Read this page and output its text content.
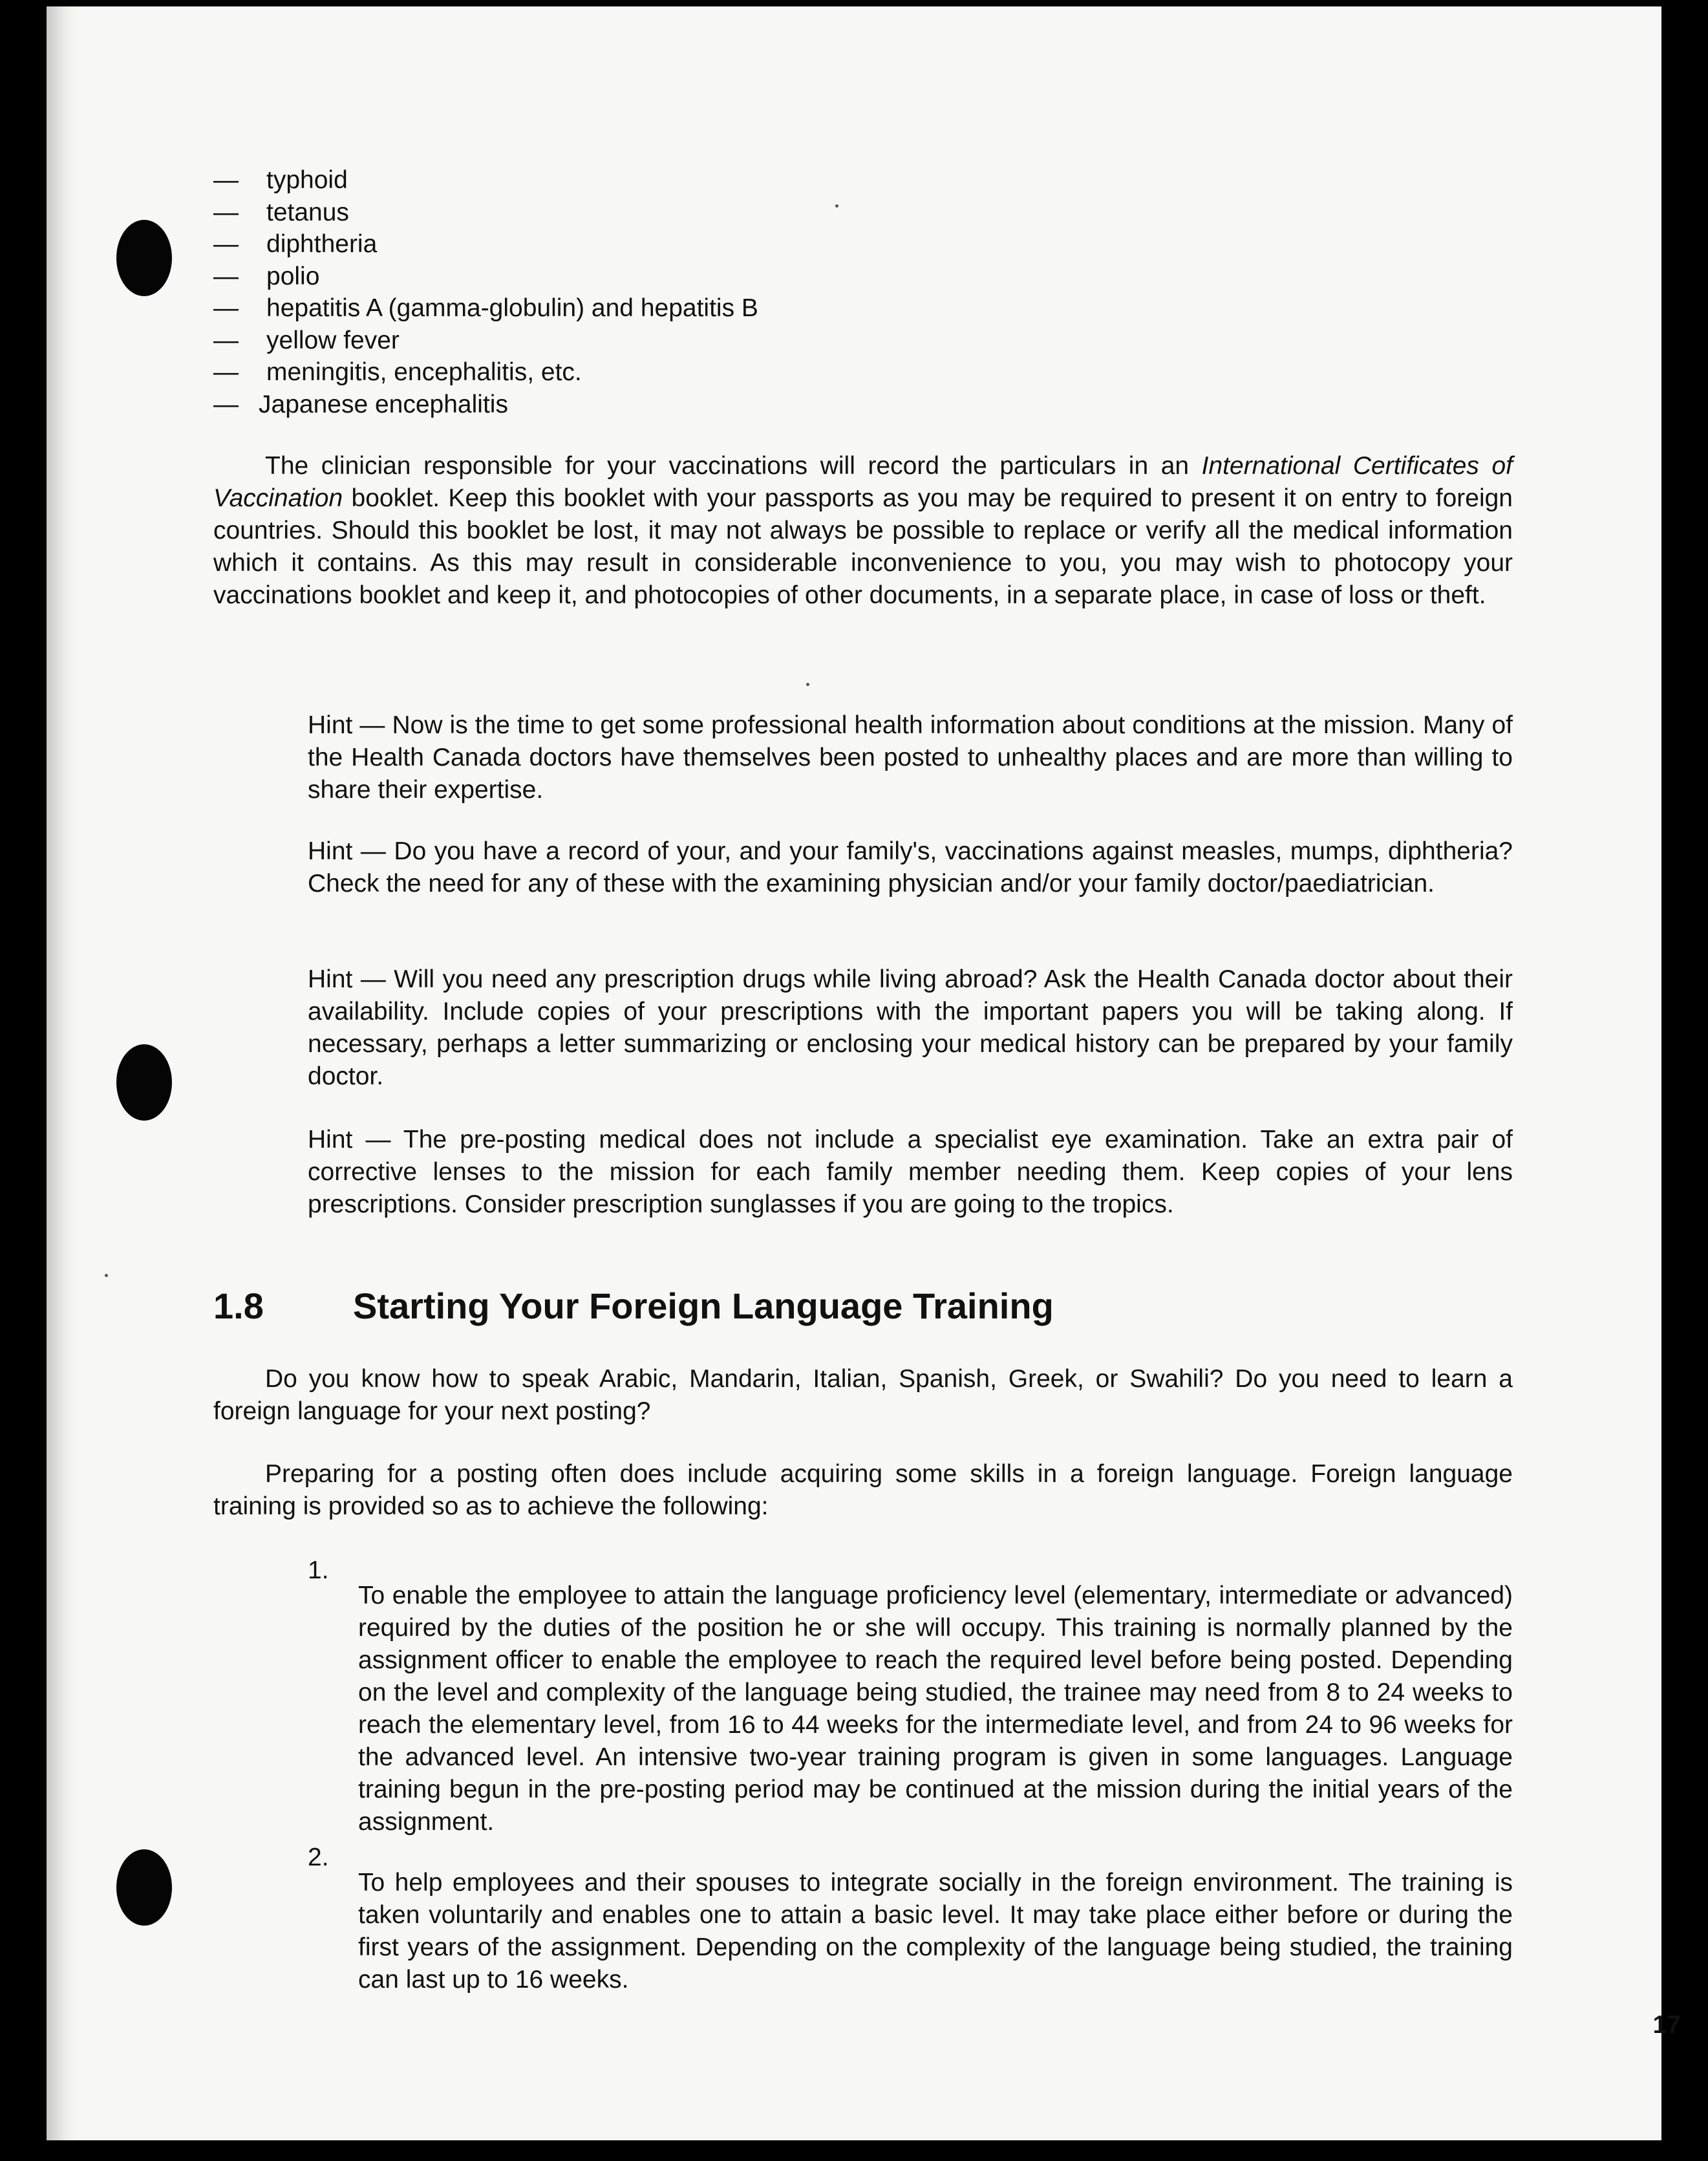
— typhoid
— tetanus
— diphtheria
— polio
— hepatitis A (gamma-globulin) and hepatitis B
— yellow fever
— meningitis, encephalitis, etc.
— Japanese encephalitis

The clinician responsible for your vaccinations will record the particulars in an International Certificates of Vaccination booklet. Keep this booklet with your passports as you may be required to present it on entry to foreign countries. Should this booklet be lost, it may not always be possible to replace or verify all the medical information which it contains. As this may result in considerable inconvenience to you, you may wish to photocopy your vaccinations booklet and keep it, and photocopies of other documents, in a separate place, in case of loss or theft.

Hint — Now is the time to get some professional health information about conditions at the mission. Many of the Health Canada doctors have themselves been posted to unhealthy places and are more than willing to share their expertise.

Hint — Do you have a record of your, and your family's, vaccinations against measles, mumps, diphtheria? Check the need for any of these with the examining physician and/or your family doctor/paediatrician.

Hint — Will you need any prescription drugs while living abroad? Ask the Health Canada doctor about their availability. Include copies of your prescriptions with the important papers you will be taking along. If necessary, perhaps a letter summarizing or enclosing your medical history can be prepared by your family doctor.

Hint — The pre-posting medical does not include a specialist eye examination. Take an extra pair of corrective lenses to the mission for each family member needing them. Keep copies of your lens prescriptions. Consider prescription sunglasses if you are going to the tropics.

1.8 Starting Your Foreign Language Training

Do you know how to speak Arabic, Mandarin, Italian, Spanish, Greek, or Swahili? Do you need to learn a foreign language for your next posting?

Preparing for a posting often does include acquiring some skills in a foreign language. Foreign language training is provided so as to achieve the following:

1.

To enable the employee to attain the language proficiency level (elementary, intermediate or advanced) required by the duties of the position he or she will occupy. This training is normally planned by the assignment officer to enable the employee to reach the required level before being posted. Depending on the level and complexity of the language being studied, the trainee may need from 8 to 24 weeks to reach the elementary level, from 16 to 44 weeks for the intermediate level, and from 24 to 96 weeks for the advanced level. An intensive two-year training program is given in some languages. Language training begun in the pre-posting period may be continued at the mission during the initial years of the assignment.

2.

To help employees and their spouses to integrate socially in the foreign environment. The training is taken voluntarily and enables one to attain a basic level. It may take place either before or during the first years of the assignment. Depending on the complexity of the language being studied, the training can last up to 16 weeks.

17
